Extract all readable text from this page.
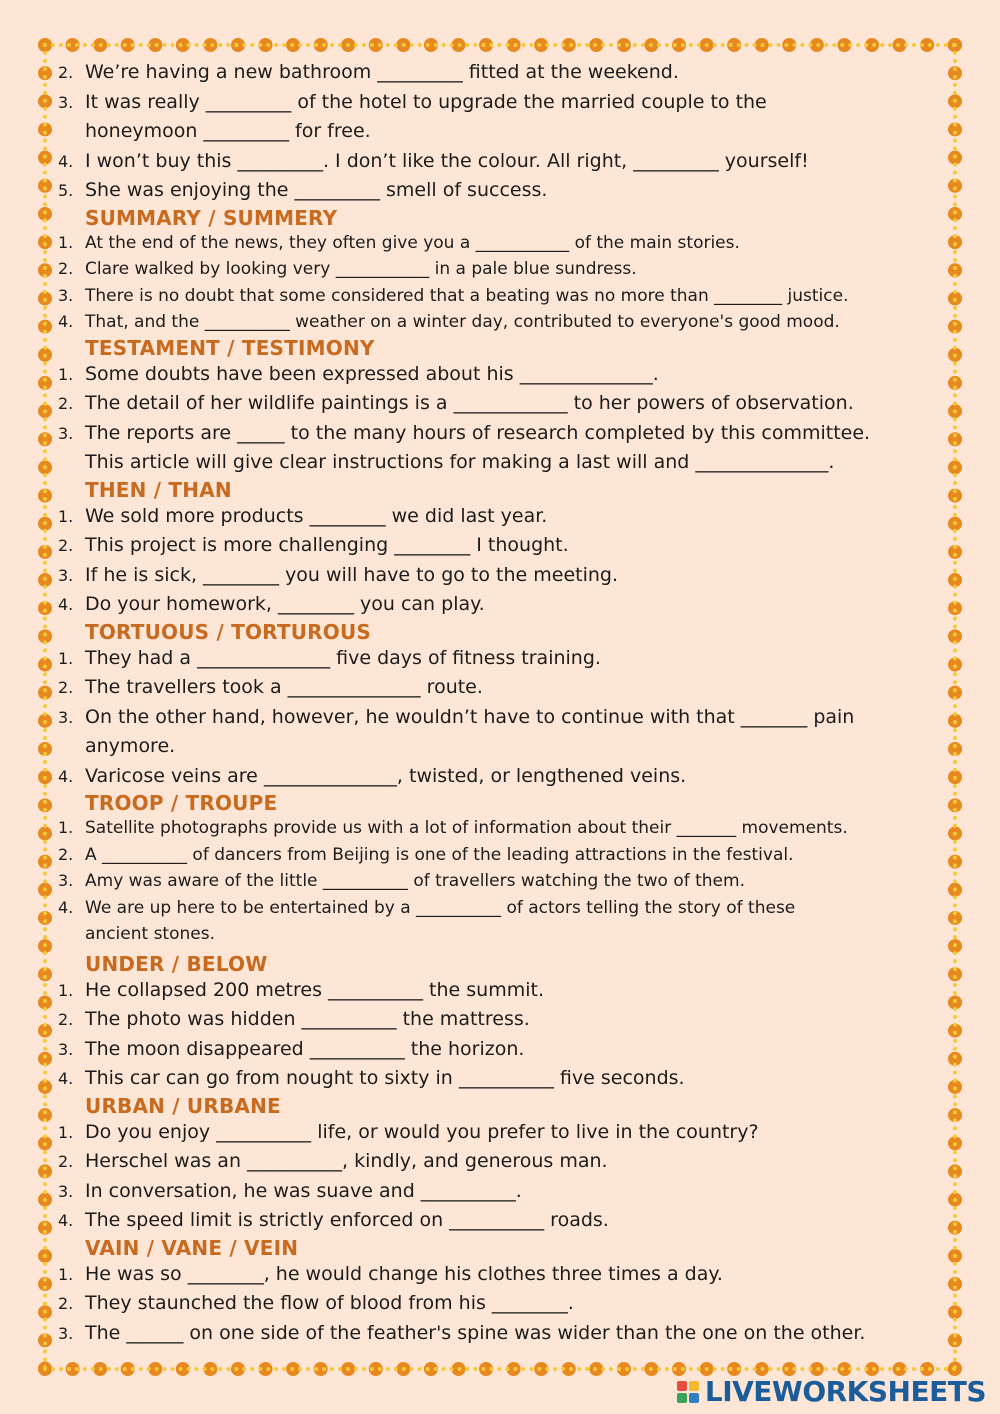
2. We’re having a new bathroom _________ fitted at the weekend.
3. It was really _________ of the hotel to upgrade the married couple to the
honeymoon _________ for free.
4. I won’t buy this _________. I don’t like the colour. All right, _________ yourself!
5. She was enjoying the _________ smell of success.
SUMMARY / SUMMERY
1. At the end of the news, they often give you a ___________ of the main stories.
2. Clare walked by looking very ___________ in a pale blue sundress.
3. There is no doubt that some considered that a beating was no more than ________ justice.
4. That, and the __________ weather on a winter day, contributed to everyone's good mood.
TESTAMENT / TESTIMONY
1. Some doubts have been expressed about his ______________.
2. The detail of her wildlife paintings is a ____________ to her powers of observation.
3. The reports are _____ to the many hours of research completed by this committee.
This article will give clear instructions for making a last will and ______________.
THEN / THAN
1. We sold more products ________ we did last year.
2. This project is more challenging ________ I thought.
3. If he is sick, ________ you will have to go to the meeting.
4. Do your homework, ________ you can play.
TORTUOUS / TORTUROUS
1. They had a ______________ five days of fitness training.
2. The travellers took a ______________ route.
3. On the other hand, however, he wouldn’t have to continue with that _______ pain
anymore.
4. Varicose veins are ______________, twisted, or lengthened veins.
TROOP / TROUPE
1. Satellite photographs provide us with a lot of information about their _______ movements.
2. A __________ of dancers from Beijing is one of the leading attractions in the festival.
3. Amy was aware of the little __________ of travellers watching the two of them.
4. We are up here to be entertained by a __________ of actors telling the story of these
ancient stones.
UNDER / BELOW
1. He collapsed 200 metres __________ the summit.
2. The photo was hidden __________ the mattress.
3. The moon disappeared __________ the horizon.
4. This car can go from nought to sixty in __________ five seconds.
URBAN / URBANE
1. Do you enjoy __________ life, or would you prefer to live in the country?
2. Herschel was an __________, kindly, and generous man.
3. In conversation, he was suave and __________.
4. The speed limit is strictly enforced on __________ roads.
VAIN / VANE / VEIN
1. He was so ________, he would change his clothes three times a day.
2. They staunched the flow of blood from his ________.
3. The ______ on one side of the feather's spine was wider than the one on the other.
LIVEWORKSHEETS
